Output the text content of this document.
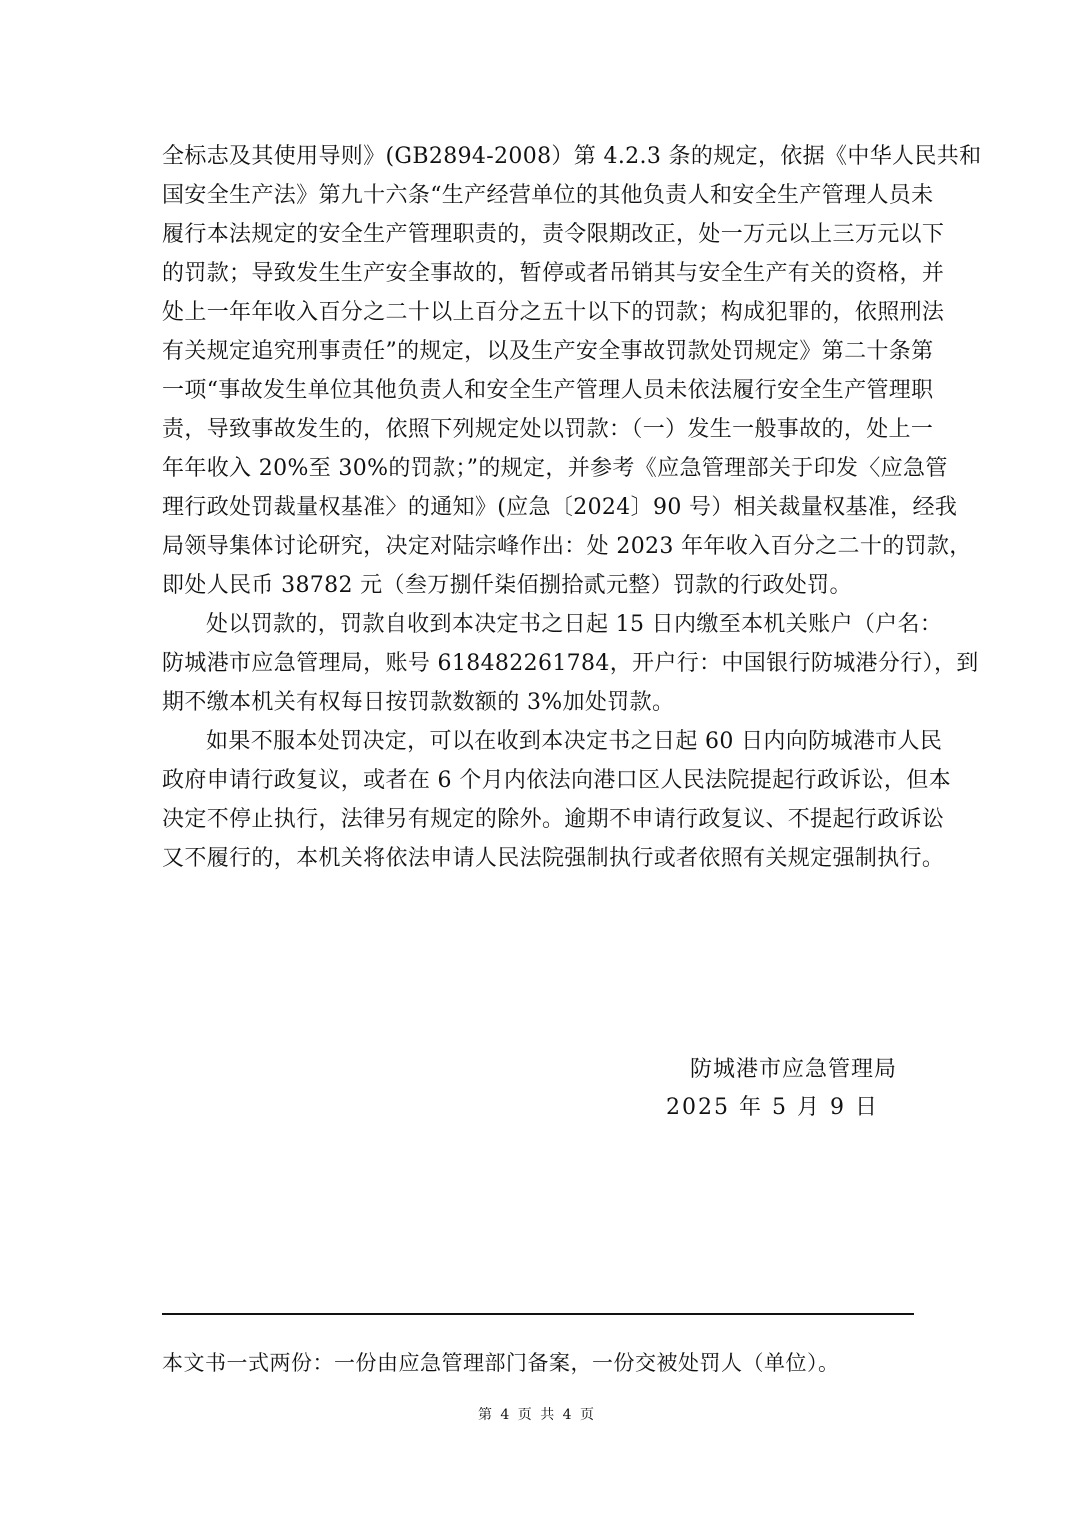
全标志及其使用导则》(GB2894-2008）第 4.2.3 条的规定，依据《中华人民共和
国安全生产法》第九十六条“生产经营单位的其他负责人和安全生产管理人员未
履行本法规定的安全生产管理职责的，责令限期改正，处一万元以上三万元以下
的罚款；导致发生生产安全事故的，暂停或者吊销其与安全生产有关的资格，并
处上一年年收入百分之二十以上百分之五十以下的罚款；构成犯罪的，依照刑法
有关规定追究刑事责任”的规定，以及生产安全事故罚款处罚规定》第二十条第
一项“事故发生单位其他负责人和安全生产管理人员未依法履行安全生产管理职
责，导致事故发生的，依照下列规定处以罚款：（一）发生一般事故的，处上一
年年收入 20%至 30%的罚款；”的规定，并参考《应急管理部关于印发〈应急管
理行政处罚裁量权基准〉的通知》(应急〔2024〕90 号）相关裁量权基准，经我
局领导集体讨论研究，决定对陆宗峰作出：处 2023 年年收入百分之二十的罚款，
即处人民币 38782 元（叁万捌仟柒佰捌拾贰元整）罚款的行政处罚。
处以罚款的，罚款自收到本决定书之日起 15 日内缴至本机关账户（户名：
防城港市应急管理局，账号 618482261784，开户行：中国银行防城港分行），到
期不缴本机关有权每日按罚款数额的 3%加处罚款。
如果不服本处罚决定，可以在收到本决定书之日起 60 日内向防城港市人民
政府申请行政复议，或者在 6 个月内依法向港口区人民法院提起行政诉讼，但本
决定不停止执行，法律另有规定的除外。逾期不申请行政复议、不提起行政诉讼
又不履行的，本机关将依法申请人民法院强制执行或者依照有关规定强制执行。
防城港市应急管理局
2025 年 5 月 9 日
本文书一式两份：一份由应急管理部门备案，一份交被处罚人（单位）。
第 4 页 共 4 页
